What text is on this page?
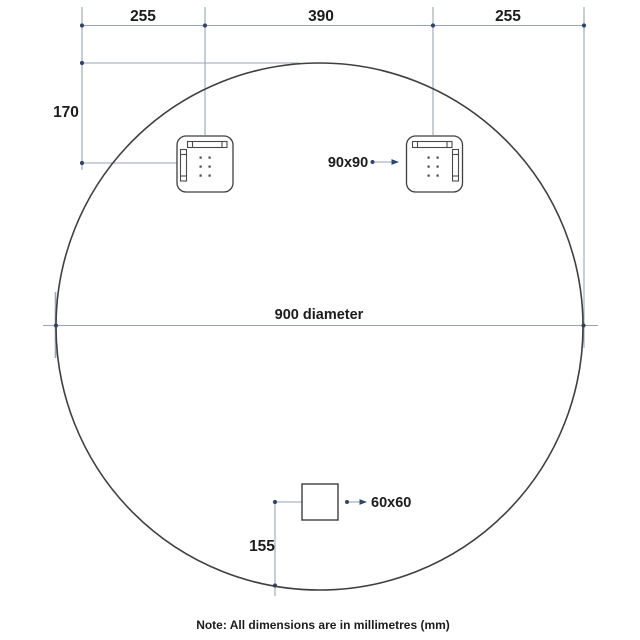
255	390	255
170
900 diameter
90x90
60x60
155
Note: All dimensions are in millimetres (mm)
